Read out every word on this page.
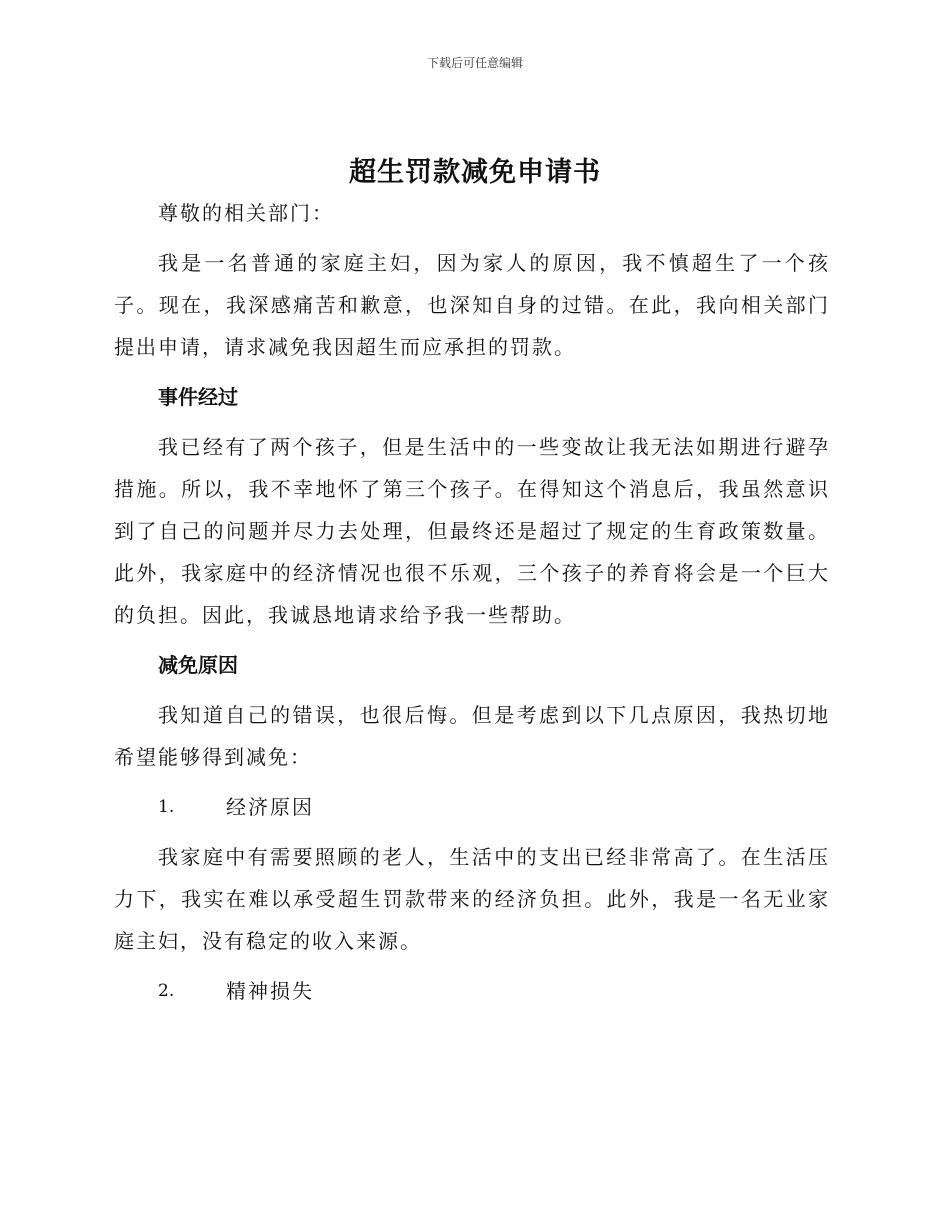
下载后可任意编辑
超生罚款减免申请书

尊敬的相关部门：

我是一名普通的家庭主妇，因为家人的原因，我不慎超生了一个孩子。现在，我深感痛苦和歉意，也深知自身的过错。在此，我向相关部门提出申请，请求减免我因超生而应承担的罚款。

事件经过

我已经有了两个孩子，但是生活中的一些变故让我无法如期进行避孕措施。所以，我不幸地怀了第三个孩子。在得知这个消息后，我虽然意识到了自己的问题并尽力去处理，但最终还是超过了规定的生育政策数量。此外，我家庭中的经济情况也很不乐观，三个孩子的养育将会是一个巨大的负担。因此，我诚恳地请求给予我一些帮助。

减免原因

我知道自己的错误，也很后悔。但是考虑到以下几点原因，我热切地希望能够得到减免：

1.	经济原因

我家庭中有需要照顾的老人，生活中的支出已经非常高了。在生活压力下，我实在难以承受超生罚款带来的经济负担。此外，我是一名无业家庭主妇，没有稳定的收入来源。

2.	精神损失
